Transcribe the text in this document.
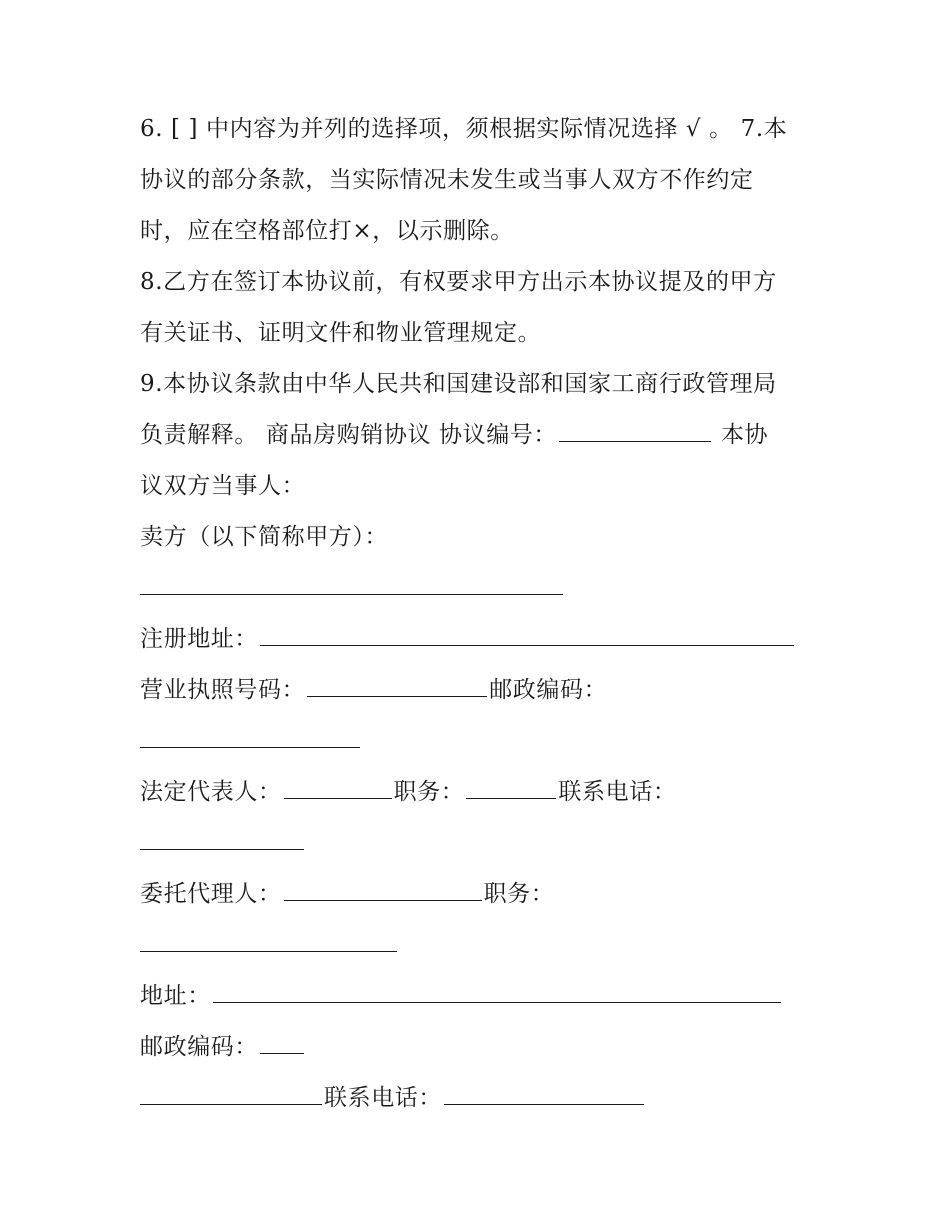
6. [ ] 中内容为并列的选择项，须根据实际情况选择 √ 。 7.本
协议的部分条款，当实际情况未发生或当事人双方不作约定
时，应在空格部位打×，以示删除。
8.乙方在签订本协议前，有权要求甲方出示本协议提及的甲方
有关证书、证明文件和物业管理规定。
9.本协议条款由中华人民共和国建设部和国家工商行政管理局
负责解释。 商品房购销协议 协议编号：	本协
议双方当事人：
卖方（以下简称甲方）：
注册地址：
营业执照号码：	邮政编码：
法定代表人：	职务：	联系电话：
委托代理人：	职务：
地址：
邮政编码：
联系电话：
